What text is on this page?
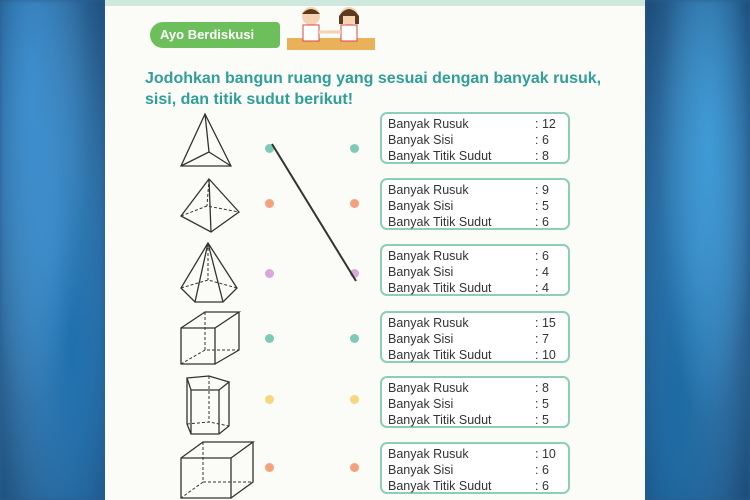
Ayo Berdiskusi

Jodohkan bangun ruang yang sesuai dengan banyak rusuk, sisi, dan titik sudut berikut!

Banyak Rusuk	: 12
Banyak Sisi	: 6
Banyak Titik Sudut	: 8
Banyak Rusuk	: 9
Banyak Sisi	: 5
Banyak Titik Sudut	: 6
Banyak Rusuk	: 6
Banyak Sisi	: 4
Banyak Titik Sudut	: 4
Banyak Rusuk	: 15
Banyak Sisi	: 7
Banyak Titik Sudut	: 10
Banyak Rusuk	: 8
Banyak Sisi	: 5
Banyak Titik Sudut	: 5
Banyak Rusuk	: 10
Banyak Sisi	: 6
Banyak Titik Sudut	: 6
